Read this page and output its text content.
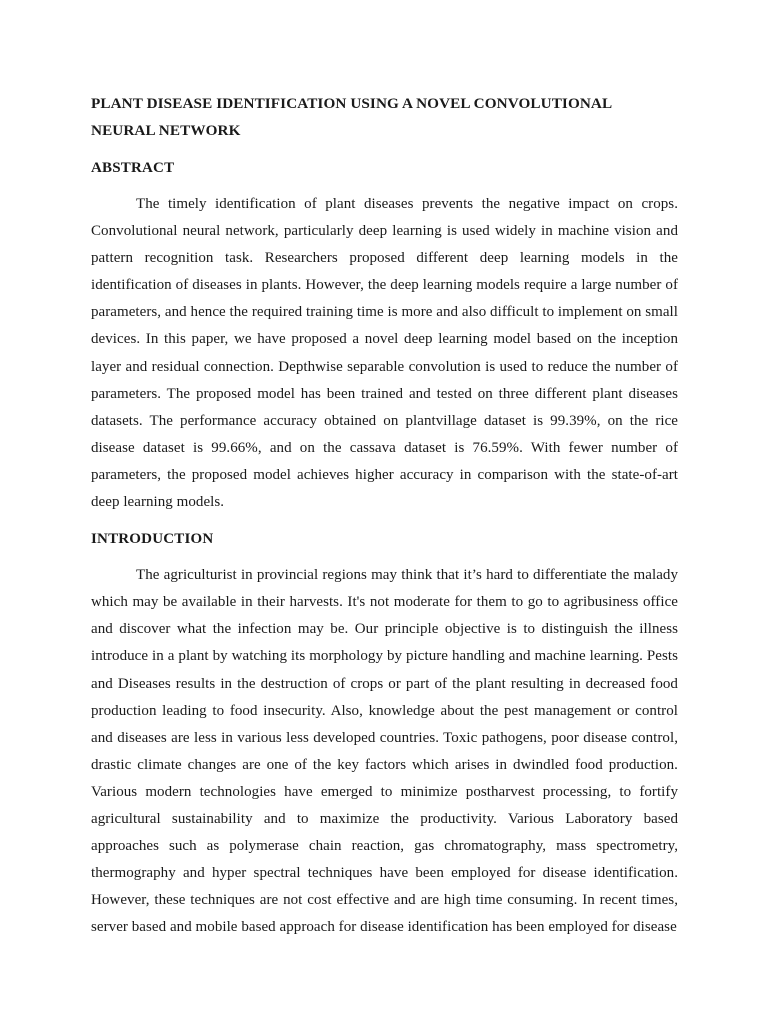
PLANT DISEASE IDENTIFICATION USING A NOVEL CONVOLUTIONAL NEURAL NETWORK
ABSTRACT

The timely identification of plant diseases prevents the negative impact on crops. Convolutional neural network, particularly deep learning is used widely in machine vision and pattern recognition task. Researchers proposed different deep learning models in the identification of diseases in plants. However, the deep learning models require a large number of parameters, and hence the required training time is more and also difficult to implement on small devices. In this paper, we have proposed a novel deep learning model based on the inception layer and residual connection. Depthwise separable convolution is used to reduce the number of parameters. The proposed model has been trained and tested on three different plant diseases datasets. The performance accuracy obtained on plantvillage dataset is 99.39%, on the rice disease dataset is 99.66%, and on the cassava dataset is 76.59%. With fewer number of parameters, the proposed model achieves higher accuracy in comparison with the state-of-art deep learning models.

INTRODUCTION

The agriculturist in provincial regions may think that it’s hard to differentiate the malady which may be available in their harvests. It's not moderate for them to go to agribusiness office and discover what the infection may be. Our principle objective is to distinguish the illness introduce in a plant by watching its morphology by picture handling and machine learning. Pests and Diseases results in the destruction of crops or part of the plant resulting in decreased food production leading to food insecurity. Also, knowledge about the pest management or control and diseases are less in various less developed countries. Toxic pathogens, poor disease control, drastic climate changes are one of the key factors which arises in dwindled food production. Various modern technologies have emerged to minimize postharvest processing, to fortify agricultural sustainability and to maximize the productivity. Various Laboratory based approaches such as polymerase chain reaction, gas chromatography, mass spectrometry, thermography and hyper spectral techniques have been employed for disease identification. However, these techniques are not cost effective and are high time consuming. In recent times, server based and mobile based approach for disease identification has been employed for disease
